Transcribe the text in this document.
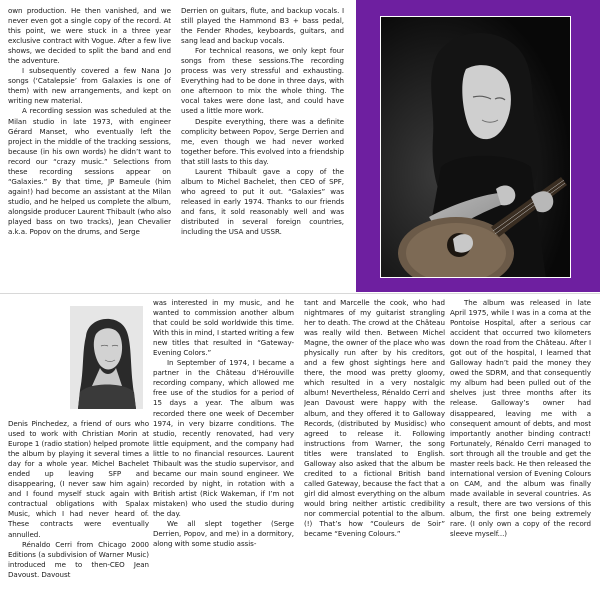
own production. He then vanished, and we never even got a single copy of the record. At this point, we were stuck in a three year exclusive contract with Vogue. After a few live shows, we decided to split the band and end the adventure.

I subsequently covered a few Nana Jo songs (‘Catalepsie’ from Galaxies is one of them) with new arrangements, and kept on writing new material.

A recording session was scheduled at the Milan studio in late 1973, with engineer Gérard Manset, who eventually left the project in the middle of the tracking sessions, because (in his own words) he didn’t want to record our “crazy music.” Selections from these recording sessions appear on “Galaxies.” By that time, JP Bameule (him again!) had become an assistant at the Milan studio, and he helped us complete the album, alongside producer Laurent Thibault (who also played bass on two tracks), Jean Chevalier a.k.a. Popov on the drums, and Serge

Derrien on guitars, flute, and backup vocals. I still played the Hammond B3 + bass pedal, the Fender Rhodes, keyboards, guitars, and sang lead and backup vocals.

For technical reasons, we only kept four songs from these sessions.The recording process was very stressful and exhausting. Everything had to be done in three days, with one afternoon to mix the whole thing. The vocal takes were done last, and could have used a little more work.

Despite everything, there was a definite complicity between Popov, Serge Derrien and me, even though we had never worked together before. This evolved into a friendship that still lasts to this day.

Laurent Thibault gave a copy of the album to Michel Bachelet, then CEO of SPF, who agreed to put it out. “Galaxies” was released in early 1974. Thanks to our friends and fans, it sold reasonably well and was distributed in several foreign countries, including the USA and USSR.

Denis Pinchedez, a friend of ours who used to work with Christian Morin at Europe 1 (radio station) helped promote the album by playing it several times a day for a whole year. Michel Bachelet ended up leaving SFP and disappearing, (I never saw him again) and I found myself stuck again with contractual obligations with Spalax Music, which I had never heard of. These contracts were eventually annulled.

Rénaldo Cerri from Chicago 2000 Editions (a subdivision of Warner Music) introduced me to then-CEO Jean Davoust. Davoust

was interested in my music, and he wanted to commission another album that could be sold worldwide this time. With this in mind, I started writing a few new titles that resulted in “Gateway- Evening Colors.”

In September of 1974, I became a partner in the Château d’Hérouville recording company, which allowed me free use of the studios for a period of 15 days a year. The album was recorded there one week of December 1974, in very bizarre conditions. The studio, recently renovated, had very little equipment, and the company had little to no financial resources. Laurent Thibault was the studio supervisor, and became our main sound engineer. We recorded by night, in rotation with a British artist (Rick Wakeman, if I’m not mistaken) who used the studio during the day.

We all slept together (Serge Derrien, Popov, and me) in a dormitory, along with some studio assis-

tant and Marcelle the cook, who had nightmares of my guitarist strangling her to death. The crowd at the Château was really wild then. Between Michel Magne, the owner of the place who was physically run after by his creditors, and a few ghost sightings here and there, the mood was pretty gloomy, which resulted in a very nostalgic album! Nevertheless, Rénaldo Cerri and Jean Davoust were happy with the album, and they offered it to Galloway Records, (distributed by Musidisc) who agreed to release it. Following instructions from Warner, the song titles were translated to English. Galloway also asked that the album be credited to a fictional British band called Gateway, because the fact that a girl did almost everything on the album would bring neither artistic credibility nor commercial potential to the album. (!) That’s how “Couleurs de Soir” became “Evening Colours.”

The album was released in late April 1975, while I was in a coma at the Pontoise Hospital, after a serious car accident that occurred two kilometers down the road from the Château. After I got out of the hospital, I learned that Galloway hadn’t paid the money they owed the SDRM, and that consequently my album had been pulled out of the shelves just three months after its release. Galloway’s owner had disappeared, leaving me with a consequent amount of debts, and most importantly another binding contract! Fortunately, Rénaldo Cerri managed to sort through all the trouble and get the master reels back. He then released the international version of Evening Colours on CAM, and the album was finally made available in several countries. As a result, there are two versions of this album, the first one being extremely rare. (I only own a copy of the record sleeve myself...)
